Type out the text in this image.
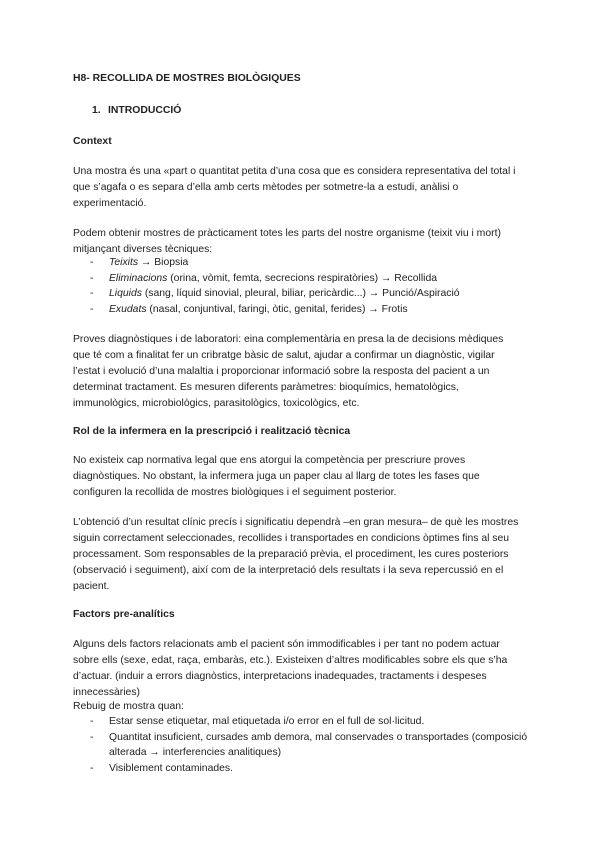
H8- RECOLLIDA DE MOSTRES BIOLÒGIQUES
1. INTRODUCCIÓ
Context
Una mostra és una «part o quantitat petita d’una cosa que es considera representativa del total i que s’agafa o es separa d’ella amb certs mètodes per sotmetre-la a estudi, anàlisi o experimentació.
Podem obtenir mostres de pràcticament totes les parts del nostre organisme (teixit viu i mort) mitjançant diverses tècniques:
- Teixits → Biopsia
- Eliminacions (orina, vòmit, femta, secrecions respiratòries) → Recollida
- Liquids (sang, líquid sinovial, pleural, biliar, pericàrdic...) → Punció/Aspiració
- Exudats (nasal, conjuntival, faringi, òtic, genital, ferides) → Frotis
Proves diagnòstiques i de laboratori: eina complementària en presa la de decisions mèdiques que té com a finalitat fer un cribratge bàsic de salut, ajudar a confirmar un diagnòstic, vigilar l’estat i evolució d’una malaltia i proporcionar informació sobre la resposta del pacient a un determinat tractament. Es mesuren diferents paràmetres: bioquímics, hematològics, immunològics, microbiològics, parasitològics, toxicològics, etc.
Rol de la infermera en la prescripció i realització tècnica
No existeix cap normativa legal que ens atorgui la competència per prescriure proves diagnòstiques. No obstant, la infermera juga un paper clau al llarg de totes les fases que configuren la recollida de mostres biològiques i el seguiment posterior.
L’obtenció d’un resultat clínic precís i significatiu dependrà –en gran mesura– de què les mostres siguin correctament seleccionades, recollides i transportades en condicions òptimes fins al seu processament. Som responsables de la preparació prèvia, el procediment, les cures posteriors (observació i seguiment), així com de la interpretació dels resultats i la seva repercussió en el pacient.
Factors pre-analítics
Alguns dels factors relacionats amb el pacient són immodificables i per tant no podem actuar sobre ells (sexe, edat, raça, embaràs, etc.). Existeixen d’altres modificables sobre els que s’ha d’actuar. (induir a errors diagnòstics, interpretacions inadequades, tractaments i despeses innecessàries)
Rebuig de mostra quan:
- Estar sense etiquetar, mal etiquetada i/o error en el full de sol·licitud.
- Quantitat insuficient, cursades amb demora, mal conservades o transportades (composició alterada → interferencies analitiques)
- Visiblement contaminades.
